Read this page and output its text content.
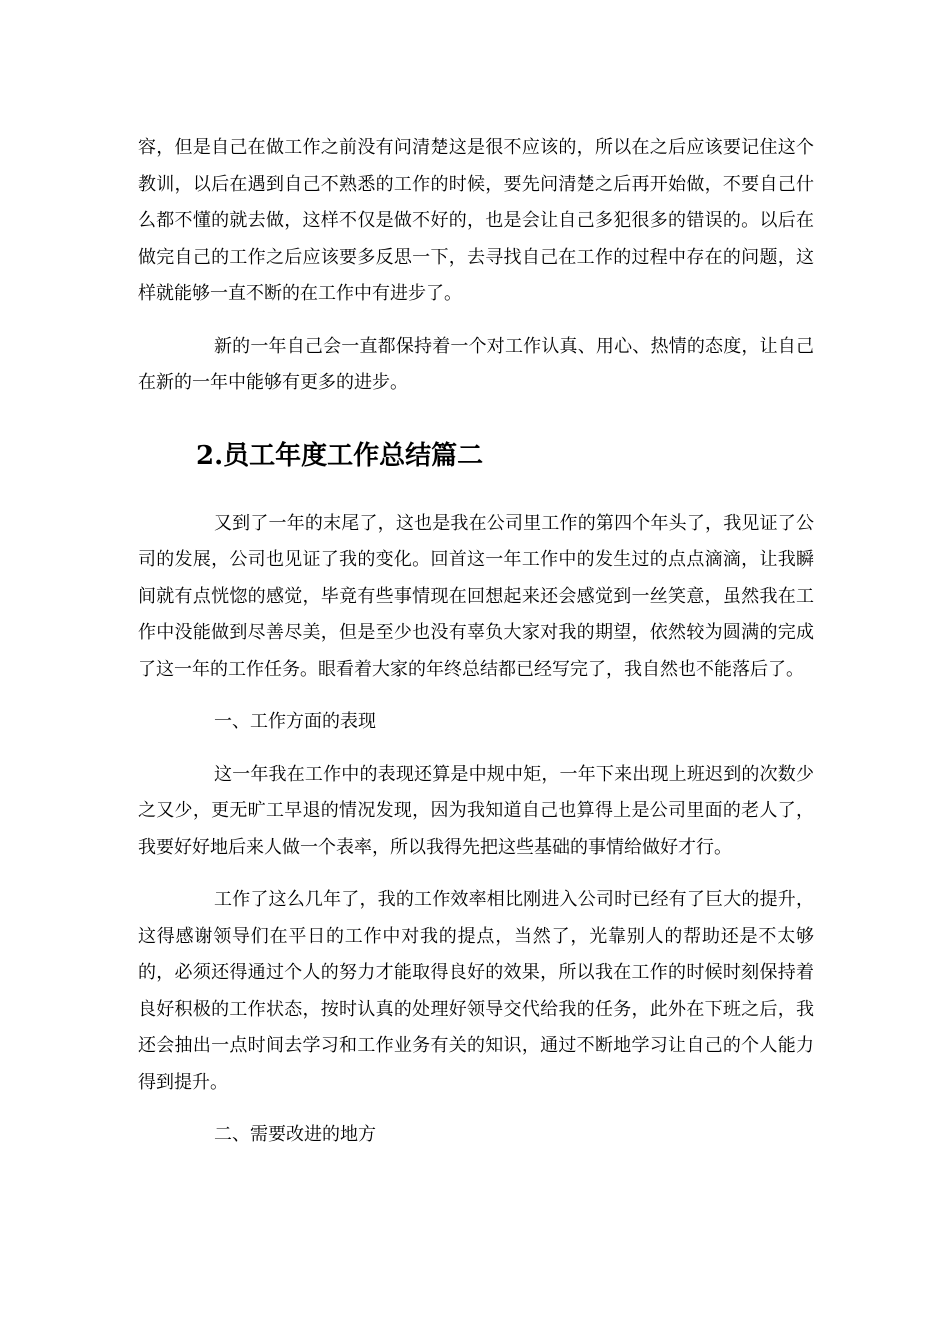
容，但是自己在做工作之前没有问清楚这是很不应该的，所以在之后应该要记住这个教训，以后在遇到自己不熟悉的工作的时候，要先问清楚之后再开始做，不要自己什么都不懂的就去做，这样不仅是做不好的，也是会让自己多犯很多的错误的。以后在做完自己的工作之后应该要多反思一下，去寻找自己在工作的过程中存在的问题，这样就能够一直不断的在工作中有进步了。

新的一年自己会一直都保持着一个对工作认真、用心、热情的态度，让自己在新的一年中能够有更多的进步。

2.员工年度工作总结篇二

又到了一年的末尾了，这也是我在公司里工作的第四个年头了，我见证了公司的发展，公司也见证了我的变化。回首这一年工作中的发生过的点点滴滴，让我瞬间就有点恍惚的感觉，毕竟有些事情现在回想起来还会感觉到一丝笑意，虽然我在工作中没能做到尽善尽美，但是至少也没有辜负大家对我的期望，依然较为圆满的完成了这一年的工作任务。眼看着大家的年终总结都已经写完了，我自然也不能落后了。

一、工作方面的表现

这一年我在工作中的表现还算是中规中矩，一年下来出现上班迟到的次数少之又少，更无旷工早退的情况发现，因为我知道自己也算得上是公司里面的老人了，我要好好地后来人做一个表率，所以我得先把这些基础的事情给做好才行。

工作了这么几年了，我的工作效率相比刚进入公司时已经有了巨大的提升，这得感谢领导们在平日的工作中对我的提点，当然了，光靠别人的帮助还是不太够的，必须还得通过个人的努力才能取得良好的效果，所以我在工作的时候时刻保持着良好积极的工作状态，按时认真的处理好领导交代给我的任务，此外在下班之后，我还会抽出一点时间去学习和工作业务有关的知识，通过不断地学习让自己的个人能力得到提升。

二、需要改进的地方
